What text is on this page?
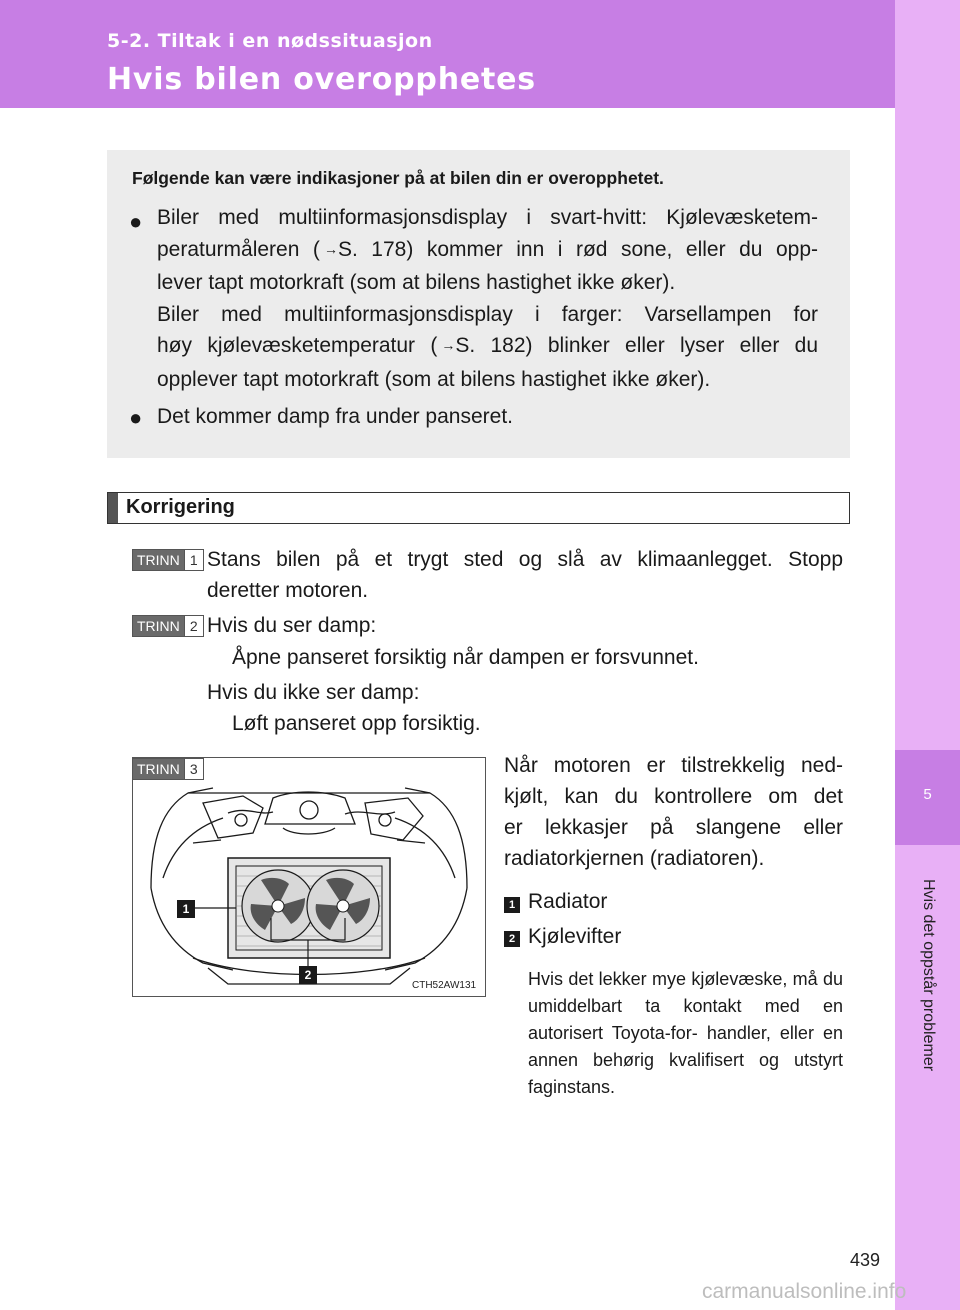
5-2. Tiltak i en nødssituasjon
Hvis bilen overopphetes
5
Hvis det oppstår problemer
Følgende kan være indikasjoner på at bilen din er overopphetet.
● Biler med multiinformasjonsdisplay i svart-hvitt: Kjølevæsketem-
peraturmåleren ( →S. 178) kommer inn i rød sone, eller du opp-
lever tapt motorkraft (som at bilens hastighet ikke øker).
Biler med multiinformasjonsdisplay i farger: Varsellampen for
høy kjølevæsketemperatur ( →S. 182) blinker eller lyser eller du
opplever tapt motorkraft (som at bilens hastighet ikke øker).
● Det kommer damp fra under panseret.
Korrigering
TRINN 1 Stans bilen på et trygt sted og slå av klimaanlegget. Stopp
deretter motoren.
TRINN 2 Hvis du ser damp:
Åpne panseret forsiktig når dampen er forsvunnet.
Hvis du ikke ser damp:
Løft panseret opp forsiktig.
1
2
CTH52AW131
TRINN 3	Når motoren er tilstrekkelig ned-
kjølt, kan du kontrollere om det
er lekkasjer på slangene eller
radiatorkjernen (radiatoren).
1 Radiator
2 Kjølevifter
Hvis det lekker mye kjølevæske, må du umiddelbart ta kontakt med en autorisert Toyota-for- handler, eller en annen behørig kvalifisert og utstyrt faginstans.
439
carmanualsonline.info
